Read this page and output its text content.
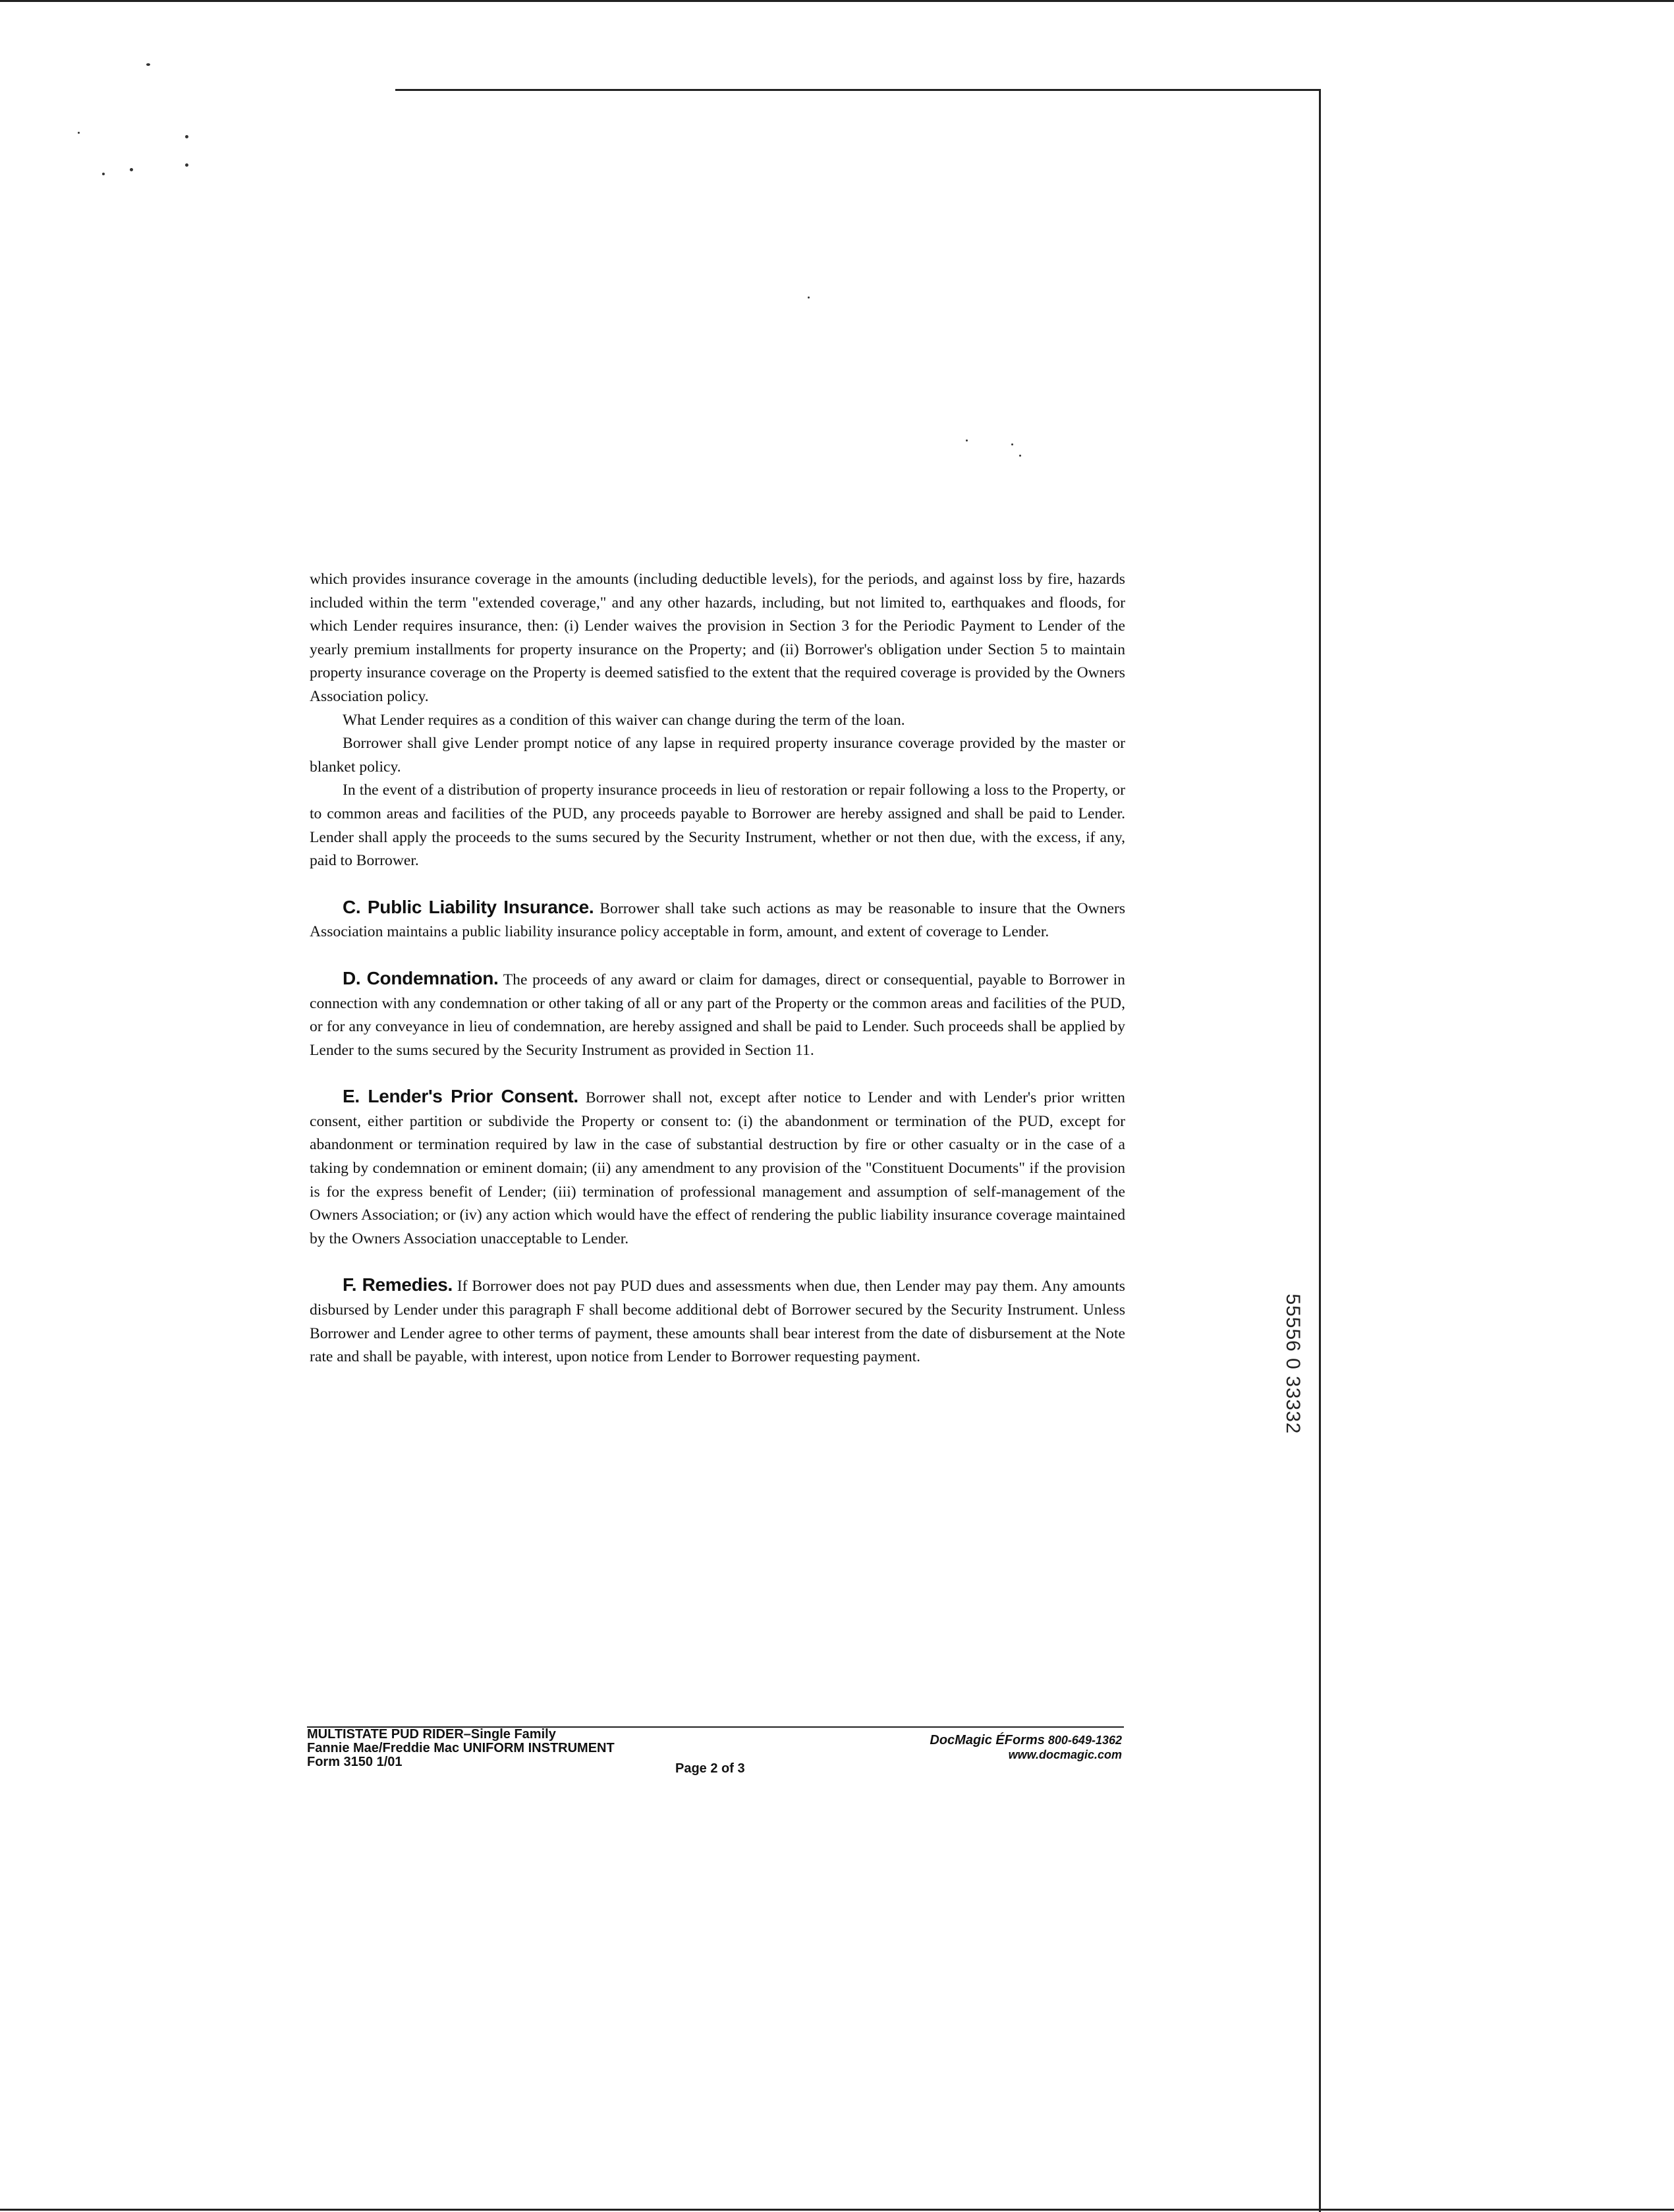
which provides insurance coverage in the amounts (including deductible levels), for the periods, and against loss by fire, hazards included within the term "extended coverage," and any other hazards, including, but not limited to, earthquakes and floods, for which Lender requires insurance, then: (i) Lender waives the provision in Section 3 for the Periodic Payment to Lender of the yearly premium installments for property insurance on the Property; and (ii) Borrower's obligation under Section 5 to maintain property insurance coverage on the Property is deemed satisfied to the extent that the required coverage is provided by the Owners Association policy.

What Lender requires as a condition of this waiver can change during the term of the loan.

Borrower shall give Lender prompt notice of any lapse in required property insurance coverage provided by the master or blanket policy.

In the event of a distribution of property insurance proceeds in lieu of restoration or repair following a loss to the Property, or to common areas and facilities of the PUD, any proceeds payable to Borrower are hereby assigned and shall be paid to Lender. Lender shall apply the proceeds to the sums secured by the Security Instrument, whether or not then due, with the excess, if any, paid to Borrower.

C. Public Liability Insurance. Borrower shall take such actions as may be reasonable to insure that the Owners Association maintains a public liability insurance policy acceptable in form, amount, and extent of coverage to Lender.

D. Condemnation. The proceeds of any award or claim for damages, direct or consequential, payable to Borrower in connection with any condemnation or other taking of all or any part of the Property or the common areas and facilities of the PUD, or for any conveyance in lieu of condemnation, are hereby assigned and shall be paid to Lender. Such proceeds shall be applied by Lender to the sums secured by the Security Instrument as provided in Section 11.

E. Lender's Prior Consent. Borrower shall not, except after notice to Lender and with Lender's prior written consent, either partition or subdivide the Property or consent to: (i) the abandonment or termination of the PUD, except for abandonment or termination required by law in the case of substantial destruction by fire or other casualty or in the case of a taking by condemnation or eminent domain; (ii) any amendment to any provision of the "Constituent Documents" if the provision is for the express benefit of Lender; (iii) termination of professional management and assumption of self-management of the Owners Association; or (iv) any action which would have the effect of rendering the public liability insurance coverage maintained by the Owners Association unacceptable to Lender.

F. Remedies. If Borrower does not pay PUD dues and assessments when due, then Lender may pay them. Any amounts disbursed by Lender under this paragraph F shall become additional debt of Borrower secured by the Security Instrument. Unless Borrower and Lender agree to other terms of payment, these amounts shall bear interest from the date of disbursement at the Note rate and shall be payable, with interest, upon notice from Lender to Borrower requesting payment.	55556 0 33332
MULTISTATE PUD RIDER–Single Family
Fannie Mae/Freddie Mac UNIFORM INSTRUMENT
Form 3150 1/01	Page 2 of 3
DocMagic ÉForms 800-649-1362
www.docmagic.com
